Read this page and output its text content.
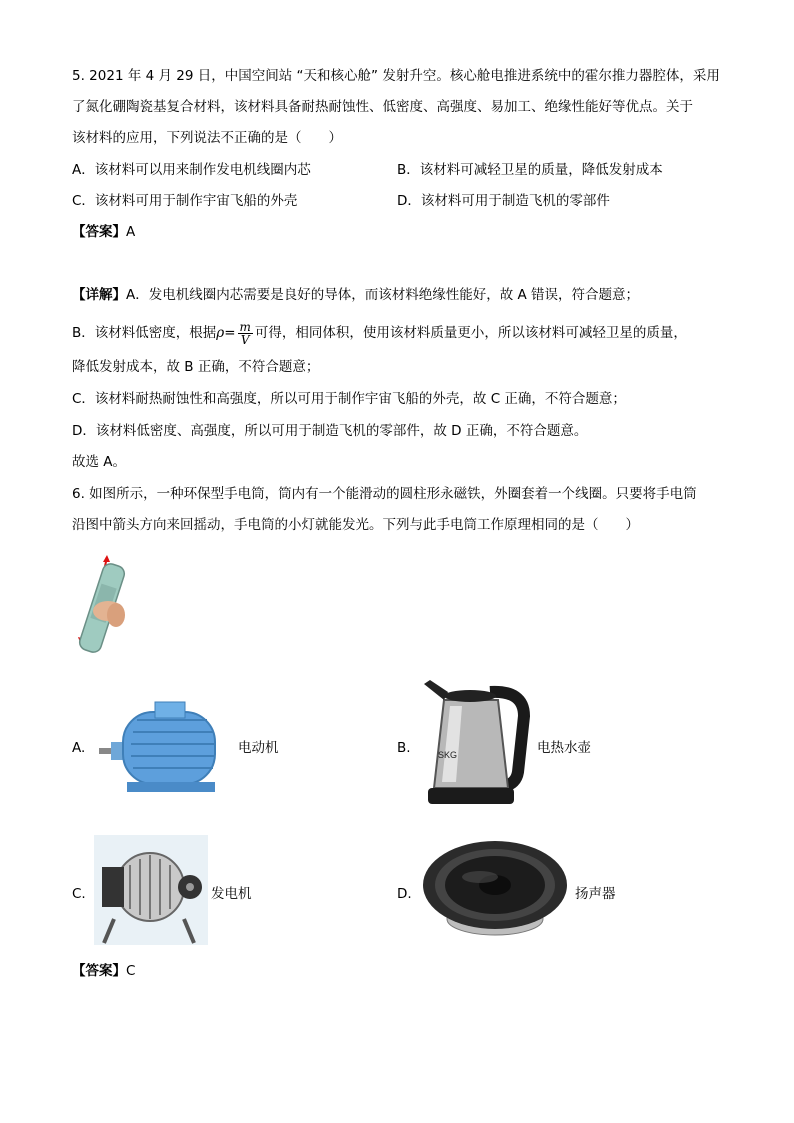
5. 2021 年 4 月 29 日，中国空间站 “天和核心舱” 发射升空。核心舱电推进系统中的霍尔推力器腔体，采用
了氮化硼陶瓷基复合材料，该材料具备耐热耐蚀性、低密度、高强度、易加工、绝缘性能好等优点。关于
该材料的应用，下列说法不正确的是（　　）
A．该材料可以用来制作发电机线圈内芯	B．该材料可减轻卫星的质量，降低发射成本
C．该材料可用于制作宇宙飞船的外壳	D．该材料可用于制造飞机的零部件
【答案】A
【详解】A．发电机线圈内芯需要是良好的导体，而该材料绝缘性能好，故 A 错误，符合题意；
B．该材料低密度，根据$\rho= \frac{m}{V}$ 可得，相同体积，使用该材料质量更小，所以该材料可减轻卫星的质量，
降低发射成本，故 B 正确，不符合题意；
C．该材料耐热耐蚀性和高强度，所以可用于制作宇宙飞船的外壳，故 C 正确，不符合题意；
D．该材料低密度、高强度，所以可用于制造飞机的零部件，故 D 正确，不符合题意。
故选 A。
6. 如图所示，一种环保型手电筒，筒内有一个能滑动的圆柱形永磁铁，外圈套着一个线圈。只要将手电筒
沿图中箭头方向来回摇动，手电筒的小灯就能发光。下列与此手电筒工作原理相同的是（　　）
A.	电动机	B.	SKG	电热水壶
C.	发电机	D.	扬声器
【答案】C
